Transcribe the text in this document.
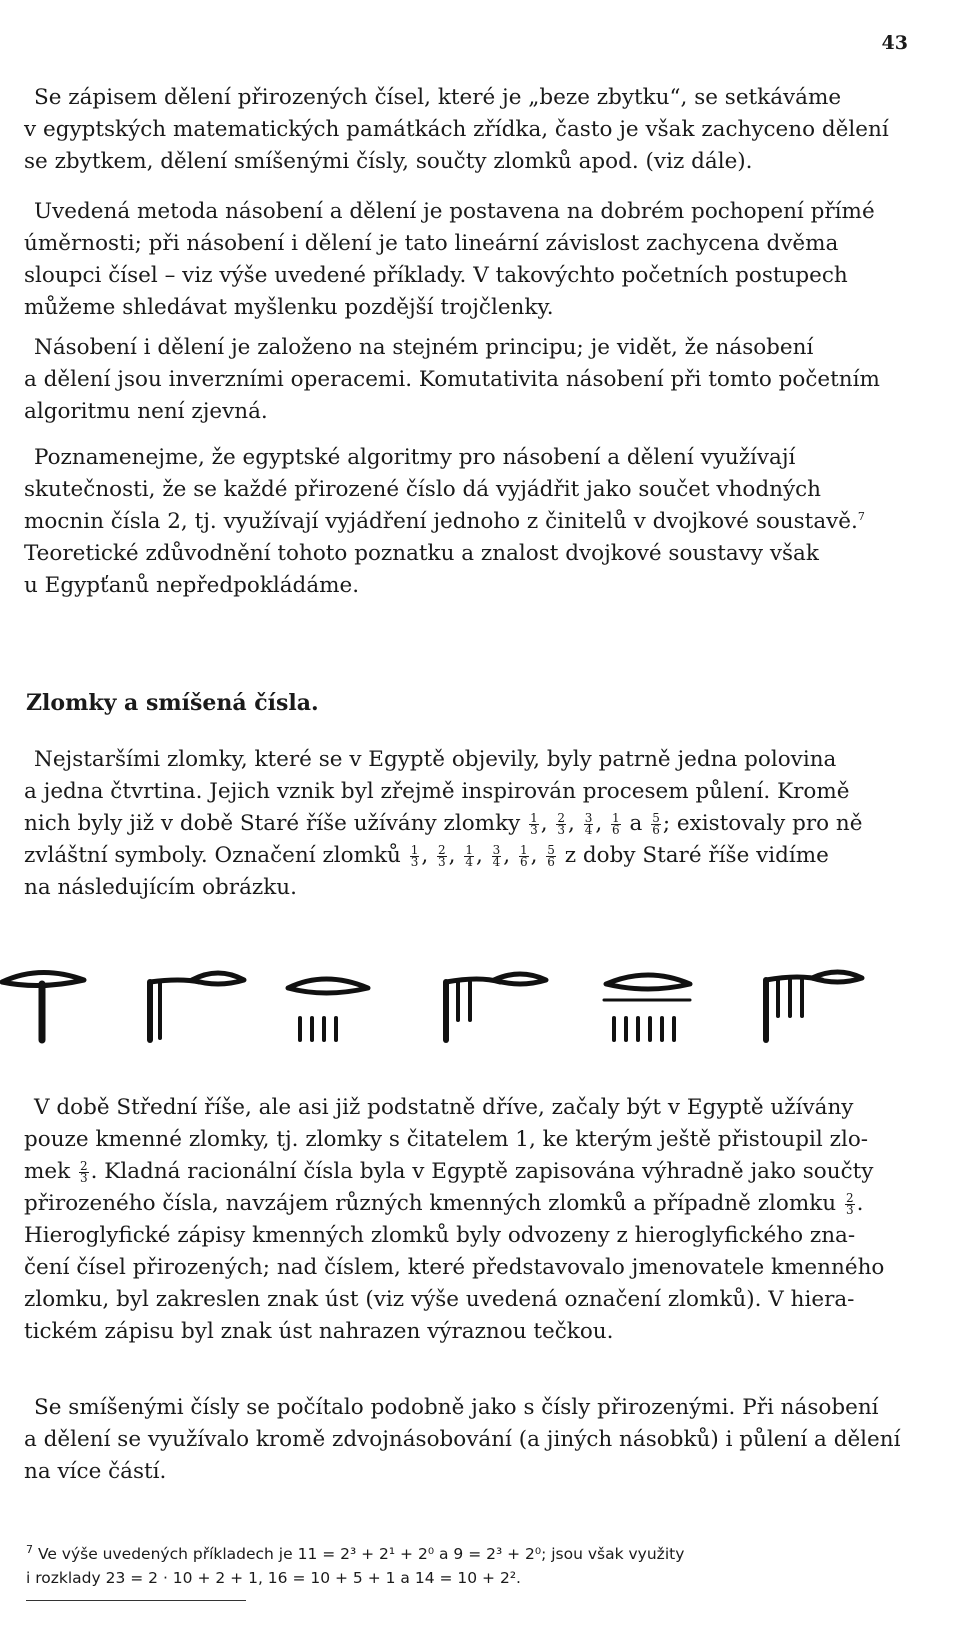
43
Se zápisem dělení přirozených čísel, které je „beze zbytku“, se setkáváme
v egyptských matematických památkách zřídka, často je však zachyceno dělení
se zbytkem, dělení smíšenými čísly, součty zlomků apod. (viz dále).
Uvedená metoda násobení a dělení je postavena na dobrém pochopení přímé
úměrnosti; při násobení i dělení je tato lineární závislost zachycena dvěma
sloupci čísel – viz výše uvedené příklady. V takovýchto početních postupech
můžeme shledávat myšlenku pozdější trojčlenky.
Násobení i dělení je založeno na stejném principu; je vidět, že násobení
a dělení jsou inverzními operacemi. Komutativita násobení při tomto početním
algoritmu není zjevná.
Poznamenejme, že egyptské algoritmy pro násobení a dělení využívají
skutečnosti, že se každé přirozené číslo dá vyjádřit jako součet vhodných
mocnin čísla 2, tj. využívají vyjádření jednoho z činitelů v dvojkové soustavě.$^7$
Teoretické zdůvodnění tohoto poznatku a znalost dvojkové soustavy však
u Egypťanů nepředpokládáme.
Zlomky a smíšená čísla.
Nejstaršími zlomky, které se v Egyptě objevily, byly patrně jedna polovina
a jedna čtvrtina. Jejich vznik byl zřejmě inspirován procesem půlení. Kromě
nich byly již v době Staré říše užívány zlomky $\frac{1}{3}$ , $\frac{2}{3}$ , $\frac{3}{4}$ , $\frac{1}{6}$ a $\frac{5}{6}$ ; existovaly pro ně
zvláštní symboly. Označení zlomků $\frac{1}{3}$ , $\frac{2}{3}$ , $\frac{1}{4}$ , $\frac{3}{4}$ , $\frac{1}{6}$ , $\frac{5}{6}$ z doby Staré říše vidíme
na následujícím obrázku.
V době Střední říše, ale asi již podstatně dříve, začaly být v Egyptě užívány
pouze kmenné zlomky, tj. zlomky s čitatelem 1, ke kterým ještě přistoupil zlo-
mek $\frac{2}{3}$ . Kladná racionální čísla byla v Egyptě zapisována výhradně jako součty
přirozeného čísla, navzájem různých kmenných zlomků a případně zlomku $\frac{2}{3}$ .
Hieroglyfické zápisy kmenných zlomků byly odvozeny z hieroglyfického zna-
čení čísel přirozených; nad číslem, které představovalo jmenovatele kmenného
zlomku, byl zakreslen znak úst (viz výše uvedená označení zlomků). V hiera-
tickém zápisu byl znak úst nahrazen výraznou tečkou.
Se smíšenými čísly se počítalo podobně jako s čísly přirozenými. Při násobení
a dělení se využívalo kromě zdvojnásobování (a jiných násobků) i půlení a dělení
na více částí.
$^7$ Ve výše uvedených příkladech je 11 = 2³ + 2¹ + 2⁰ a 9 = 2³ + 2⁰; jsou však využity
i rozklady 23 = 2 · 10 + 2 + 1, 16 = 10 + 5 + 1 a 14 = 10 + 2².
